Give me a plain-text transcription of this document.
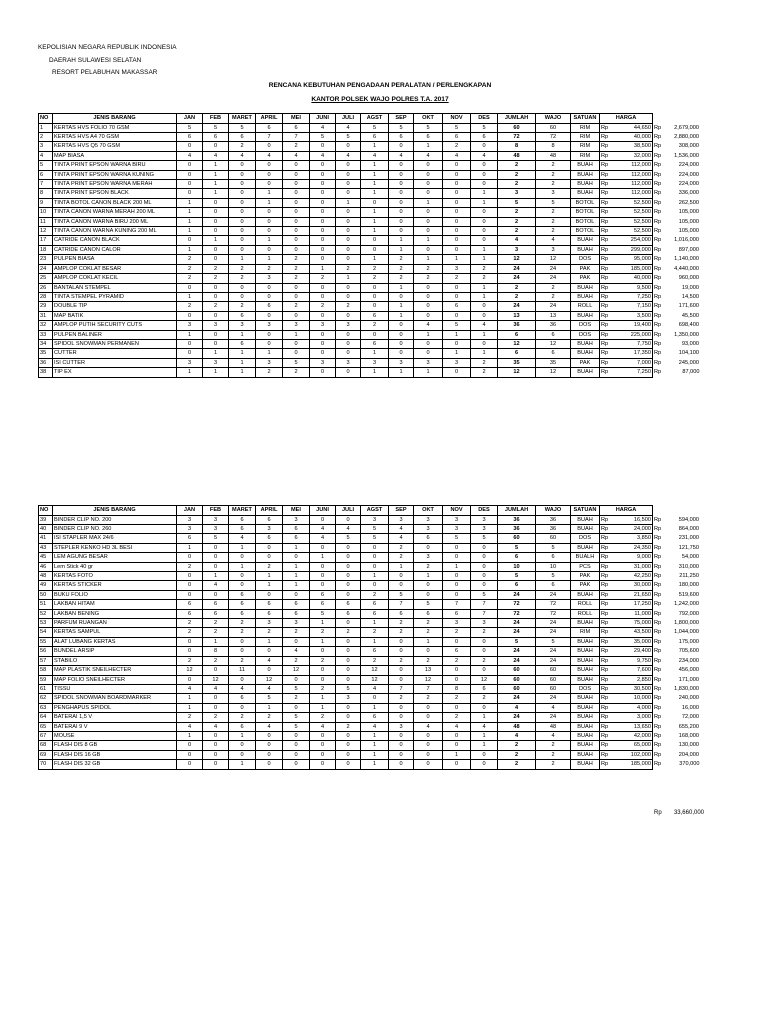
KEPOLISIAN NEGARA REPUBLIK INDONESIA
DAERAH SULAWESI SELATAN
RESORT PELABUHAN MAKASSAR
RENCANA KEBUTUHAN PENGADAAN PERALATAN / PERLENGKAPAN
KANTOR POLSEK WAJO POLRES T.A. 2017
NO	JENIS BARANG	JAN	FEB	MARET	APRIL	MEI	JUNI	JULI	AGST	SEP	OKT	NOV	DES	JUMLAH	WAJO	SATUAN	HARGA		
1	KERTAS HVS FOLIO 70 GSM	5	5	5	6	6	4	4	5	5	5	5	5	60	60	RIM	Rp	44,650	Rp 2,679,000

2	KERTAS HVS A4 70 GSM	6	6	6	7	7	5	5	6	6	6	6	6	72	72	RIM	Rp	40,000	Rp 2,880,000

3	KERTAS HVS Q5 70 GSM	0	0	2	0	2	0	0	1	0	1	2	0	8	8	RIM	Rp	38,500	Rp 308,000

4	MAP BIASA	4	4	4	4	4	4	4	4	4	4	4	4	48	48	RIM	Rp	32,000	Rp 1,536,000

5	TINTA PRINT EPSON WARNA BIRU	0	1	0	0	0	0	0	1	0	0	0	0	2	2	BUAH	Rp	112,000	Rp 224,000

6	TINTA PRINT EPSON WARNA KUNING	0	1	0	0	0	0	0	1	0	0	0	0	2	2	BUAH	Rp	112,000	Rp 224,000

7	TINTA PRINT EPSON WARNA MERAH	0	1	0	0	0	0	0	1	0	0	0	0	2	2	BUAH	Rp	112,000	Rp 224,000

8	TINTA PRINT EPSON BLACK	0	1	0	1	0	0	0	1	0	0	0	1	3	3	BUAH	Rp	112,000	Rp 336,000

9	TINTA BOTOL CANON BLACK 200 ML	1	0	0	1	0	0	1	0	0	1	0	1	5	5	BOTOL	Rp	52,500	Rp 262,500

10	TINTA CANON WARNA MERAH 200 ML	1	0	0	0	0	0	0	1	0	0	0	0	2	2	BOTOL	Rp	52,500	Rp 105,000

11	TINTA CANON WARNA BIRU 200 ML	1	0	0	0	0	0	0	1	0	0	0	0	2	2	BOTOL	Rp	52,500	Rp 105,000

12	TINTA CANON WARNA KUNING 200 ML	1	0	0	0	0	0	0	1	0	0	0	0	2	2	BOTOL	Rp	52,500	Rp 105,000

17	CATRIDE CANON BLACK	0	1	0	1	0	0	0	0	1	1	0	0	4	4	BUAH	Rp	254,000	Rp 1,016,000

18	CATRIDE CANON CALOR	1	0	0	0	0	0	0	0	1	0	0	1	3	3	BUAH	Rp	299,000	Rp 897,000

23	PULPEN BIASA	2	0	1	1	2	0	0	1	2	1	1	1	12	12	DOS	Rp	95,000	Rp 1,140,000

24	AMPLOP COKLAT BESAR	2	2	2	2	2	1	2	2	2	2	3	2	24	24	PAK	Rp	185,000	Rp 4,440,000

25	AMPLOP COKLAT KECIL	2	2	2	3	2	2	1	2	2	2	2	2	24	24	PAK	Rp	40,000	Rp 960,000

26	BANTALAN STEMPEL	0	0	0	0	0	0	0	0	1	0	0	1	2	2	BUAH	Rp	9,500	Rp 19,000

28	TINTA STEMPEL PYRAMID	1	0	0	0	0	0	0	0	0	0	0	1	2	2	BUAH	Rp	7,250	Rp 14,500

29	DOUBLE TIP	2	2	2	6	2	2	2	0	1	0	6	0	24	24	ROLL	Rp	7,150	Rp 171,600

31	MAP BATIK	0	0	6	0	0	0	0	6	1	0	0	0	13	13	BUAH	Rp	3,500	Rp 45,500

32	AMPLOP PUTIH SECURITY CUTS	3	3	3	3	3	3	3	2	0	4	5	4	36	36	DOS	Rp	19,400	Rp 698,400

33	PULPEN BALINER	1	0	1	0	1	0	0	0	0	1	1	1	6	6	DOS	Rp	225,000	Rp 1,350,000

34	SPIDOL SNOWMAN PERMANEN	0	0	6	0	0	0	0	6	0	0	0	0	12	12	BUAH	Rp	7,750	Rp 93,000

35	CUTTER	0	1	1	1	0	0	0	1	0	0	1	1	6	6	BUAH	Rp	17,350	Rp 104,100

36	ISI CUTTER	3	3	1	3	5	3	3	3	3	3	3	2	35	35	PAK	Rp	7,000	Rp 245,000

38	TIP EX	1	1	1	2	2	0	0	1	1	1	0	2	12	12	BUAH	Rp	7,250	Rp 87,000
NO	JENIS BARANG	JAN	FEB	MARET	APRIL	MEI	JUNI	JULI	AGST	SEP	OKT	NOV	DES	JUMLAH	WAJO	SATUAN	HARGA		
39	BINDER CLIP NO. 200	3	3	6	6	3	0	0	3	3	3	3	3	36	36	BUAH	Rp	16,500	Rp 594,000

40	BINDER CLIP NO. 260	3	3	6	3	6	4	4	5	4	3	3	3	36	36	BUAH	Rp	24,000	Rp 864,000

41	ISI STAPLER MAX 24/6	6	5	4	6	6	4	5	5	4	6	5	5	60	60	DOS	Rp	3,850	Rp 231,000

43	STEPLER KENKO HD 3L BESI	1	0	1	0	1	0	0	0	2	0	0	0	5	5	BUAH	Rp	24,350	Rp 121,750

45	LEM AGUNG BESAR	0	0	0	0	0	1	0	0	2	3	0	0	6	6	BUALH	Rp	9,000	Rp 54,000

46	Lem Stick 40 gr	2	0	1	2	1	0	0	0	1	2	1	0	10	10	PCS	Rp	31,000	Rp 310,000

48	KERTAS FOTO	0	1	0	1	1	0	0	1	0	1	0	0	5	5	PAK	Rp	42,250	Rp 211,250

49	KERTAS STICKER	0	4	0	1	1	0	0	0	0	0	0	0	6	6	PAK	Rp	30,000	Rp 180,000

50	BUKU FOLIO	0	0	6	0	0	6	0	2	5	0	0	5	24	24	BUAH	Rp	21,650	Rp 519,600

51	LAKBAN HITAM	6	6	6	6	6	6	6	6	7	5	7	7	72	72	ROLL	Rp	17,250	Rp 1,242,000

52	LAKBAN BENING	6	6	6	6	6	5	6	6	6	6	6	7	72	72	ROLL	Rp	11,000	Rp 792,000

53	PARFUM RUANGAN	2	2	2	3	3	1	0	1	2	2	3	3	24	24	BUAH	Rp	75,000	Rp 1,800,000

54	KERTAS SAMPUL	2	2	2	2	2	2	2	2	2	2	2	2	24	24	RIM	Rp	43,500	Rp 1,044,000

55	ALAT LUBANG KERTAS	0	1	0	1	0	1	0	1	0	1	0	0	5	5	BUAH	Rp	35,000	Rp 175,000

56	BUNDEL ARSIP	0	8	0	0	4	0	0	6	0	0	6	0	24	24	BUAH	Rp	29,400	Rp 705,600

57	STABILO	2	2	2	4	2	2	0	2	2	2	2	2	24	24	BUAH	Rp	9,750	Rp 234,000

58	MAP PLASTIK SNEILHECTER	12	0	11	0	12	0	0	12	0	13	0	0	60	60	BUAH	Rp	7,600	Rp 456,000

59	MAP FOLIO SNEILHECTER	0	12	0	12	0	0	0	12	0	12	0	12	60	60	BUAH	Rp	2,850	Rp 171,000

61	TISSU	4	4	4	4	5	2	5	4	7	7	8	6	60	60	DOS	Rp	30,500	Rp 1,830,000

62	SPIDOL SNOWMAN BOARDMARKER	1	0	6	5	2	1	3	0	2	2	2	2	24	24	BUAH	Rp	10,000	Rp 240,000

63	PENGHAPUS SPIDOL	1	0	0	1	0	1	0	1	0	0	0	0	4	4	BUAH	Rp	4,000	Rp 16,000

64	BATERAI 1,5 V	2	2	2	2	5	2	0	6	0	0	2	1	24	24	BUAH	Rp	3,000	Rp 72,000

65	BATERAI 9 V	4	4	6	4	5	4	2	4	3	4	4	4	48	48	BUAH	Rp	13,650	Rp 655,200

67	MOUSE	1	0	1	0	0	0	0	1	0	0	0	1	4	4	BUAH	Rp	42,000	Rp 168,000

68	FLASH DIS 8 GB	0	0	0	0	0	0	0	1	0	0	0	1	2	2	BUAH	Rp	65,000	Rp 130,000

69	FLASH DIS 16 GB	0	0	0	0	0	0	0	1	0	0	1	0	2	2	BUAH	Rp	102,000	Rp 204,000

70	FLASH DIS 32 GB	0	0	1	0	0	0	0	1	0	0	0	0	2	2	BUAH	Rp	185,000	Rp 370,000
Rp 33,660,000
